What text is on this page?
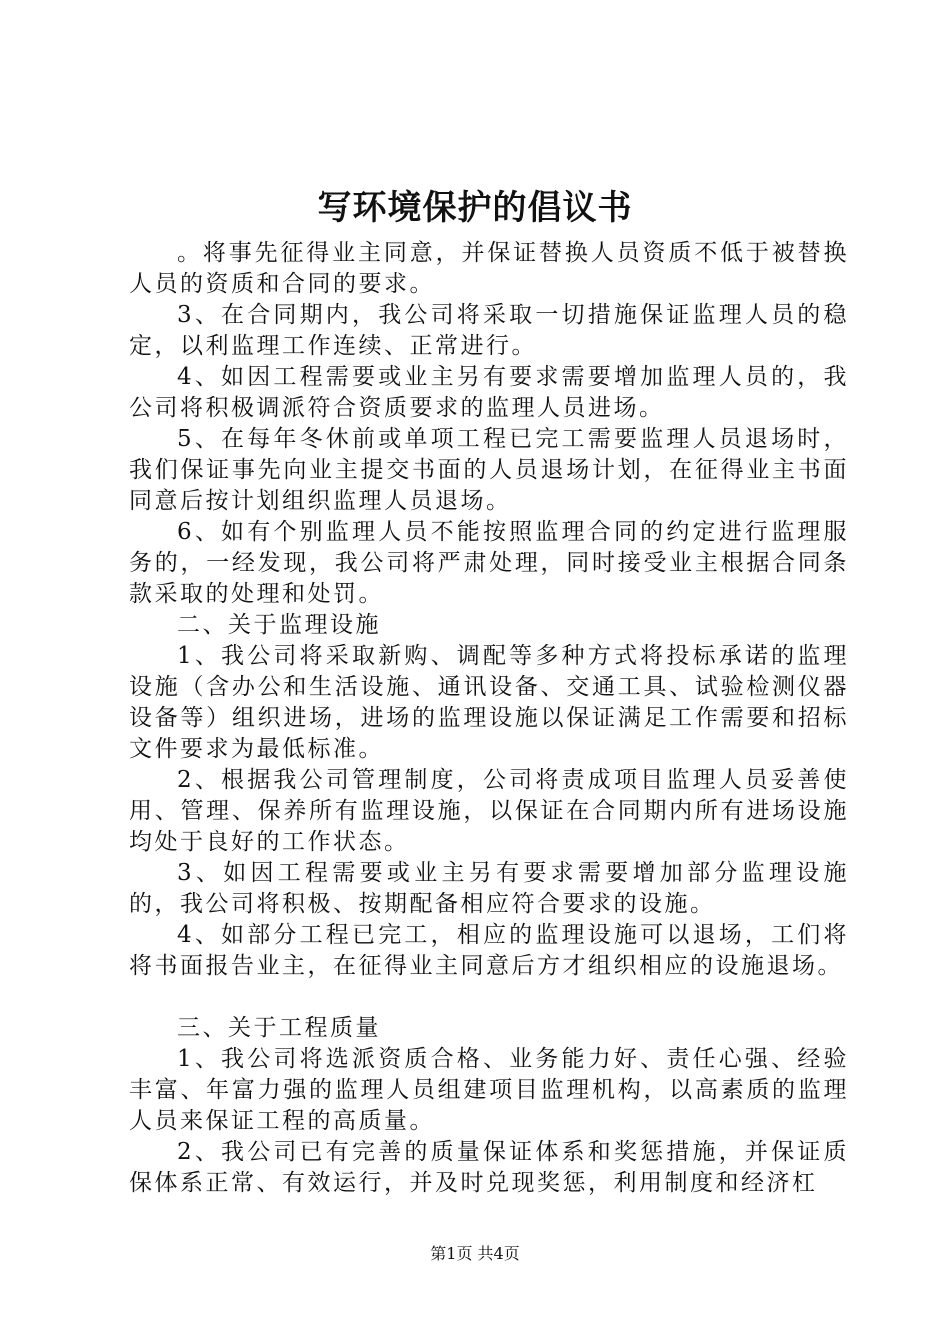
写环境保护的倡议书

。将事先征得业主同意，并保证替换人员资质不低于被替换人员的资质和合同的要求。

3、在合同期内，我公司将采取一切措施保证监理人员的稳定，以利监理工作连续、正常进行。

4、如因工程需要或业主另有要求需要增加监理人员的，我公司将积极调派符合资质要求的监理人员进场。

5、在每年冬休前或单项工程已完工需要监理人员退场时，我们保证事先向业主提交书面的人员退场计划，在征得业主书面同意后按计划组织监理人员退场。

6、如有个别监理人员不能按照监理合同的约定进行监理服务的，一经发现，我公司将严肃处理，同时接受业主根据合同条款采取的处理和处罚。

二、关于监理设施

1、我公司将采取新购、调配等多种方式将投标承诺的监理设施（含办公和生活设施、通讯设备、交通工具、试验检测仪器设备等）组织进场，进场的监理设施以保证满足工作需要和招标文件要求为最低标准。

2、根据我公司管理制度，公司将责成项目监理人员妥善使用、管理、保养所有监理设施，以保证在合同期内所有进场设施均处于良好的工作状态。

3、如因工程需要或业主另有要求需要增加部分监理设施的，我公司将积极、按期配备相应符合要求的设施。

4、如部分工程已完工，相应的监理设施可以退场，工们将将书面报告业主，在征得业主同意后方才组织相应的设施退场。

三、关于工程质量

1、我公司将选派资质合格、业务能力好、责任心强、经验丰富、年富力强的监理人员组建项目监理机构，以高素质的监理人员来保证工程的高质量。

2、我公司已有完善的质量保证体系和奖惩措施，并保证质保体系正常、有效运行，并及时兑现奖惩，利用制度和经济杠

第1页 共4页
